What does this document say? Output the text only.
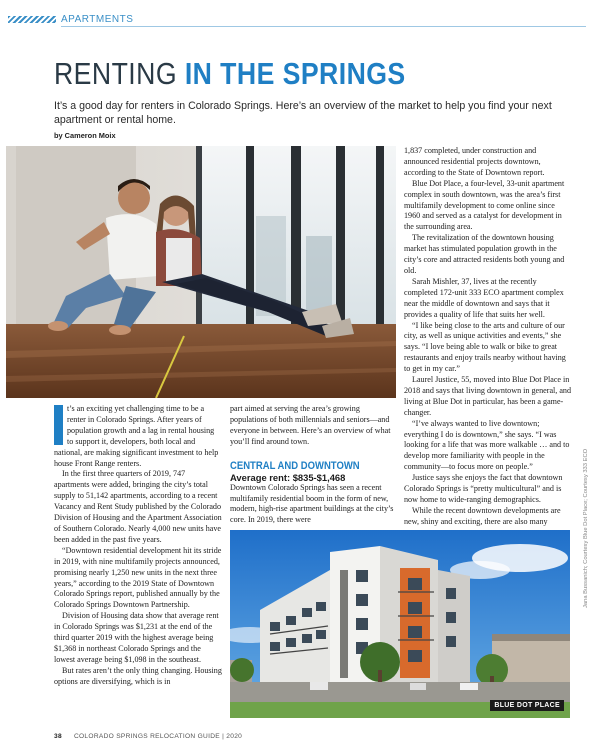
APARTMENTS
RENTING IN THE SPRINGS

It’s a good day for renters in Colorado Springs. Here’s an overview of the market to help you find your next apartment or rental home.

by Cameron Moix

t’s an exciting yet challenging time to be a renter in Colorado Springs. After years of population growth and a lag in rental housing to support it, developers, both local and national, are making significant investment to help house Front Range renters.

In the first three quarters of 2019, 747 apartments were added, bringing the city’s total supply to 51,142 apartments, according to a recent Vacancy and Rent Study published by the Colorado Division of Housing and the Apartment Association of Southern Colorado. Nearly 4,000 new units have been added in the past five years.

“Downtown residential development hit its stride in 2019, with nine multifamily projects announced, promising nearly 1,250 new units in the next three years,” according to the 2019 State of Downtown Colorado Springs report, published annually by the Colorado Springs Downtown Partnership.

Division of Housing data show that average rent in Colorado Springs was $1,231 at the end of the third quarter 2019 with the highest average being $1,368 in northeast Colorado Springs and the lowest average being $1,098 in the southeast.

But rates aren’t the only thing changing. Housing options are diversifying, which is in

part aimed at serving the area’s growing populations of both millennials and seniors—and everyone in between. Here’s an overview of what you’ll find around town.

CENTRAL AND DOWNTOWN
Average rent: $835-$1,468

Downtown Colorado Springs has seen a recent multifamily residential boom in the form of new, modern, high-rise apartment buildings at the city’s core. In 2019, there were

1,837 completed, under construction and announced residential projects downtown, according to the State of Downtown report.

Blue Dot Place, a four-level, 33-unit apartment complex in south downtown, was the area’s first multifamily development to come online since 1960 and served as a catalyst for development in the surrounding area.

The revitalization of the downtown housing market has stimulated population growth in the city’s core and attracted residents both young and old.

Sarah Mishler, 37, lives at the recently completed 172-unit 333 ECO apartment complex near the middle of downtown and says that it provides a quality of life that suits her well.

“I like being close to the arts and culture of our city, as well as unique activities and events,” she says. “I love being able to walk or bike to great restaurants and enjoy trails nearby without having to get in my car.”

Laurel Justice, 55, moved into Blue Dot Place in 2018 and says that living downtown in general, and living at Blue Dot in particular, has been a game-changer.

“I’ve always wanted to live downtown; everything I do is downtown,” she says. “I was looking for a life that was more walkable … and to develop more familiarity with people in the community—to focus more on people.”

Justice says she enjoys the fact that downtown Colorado Springs is “pretty multicultural” and is now home to wide-ranging demographics.

While the recent downtown developments are new, shiny and exciting, there are also many

BLUE DOT PLACE
Jana Bussanich; Courtesy Blue Dot Place; Courtesy 333 ECO
38 COLORADO SPRINGS RELOCATION GUIDE | 2020
